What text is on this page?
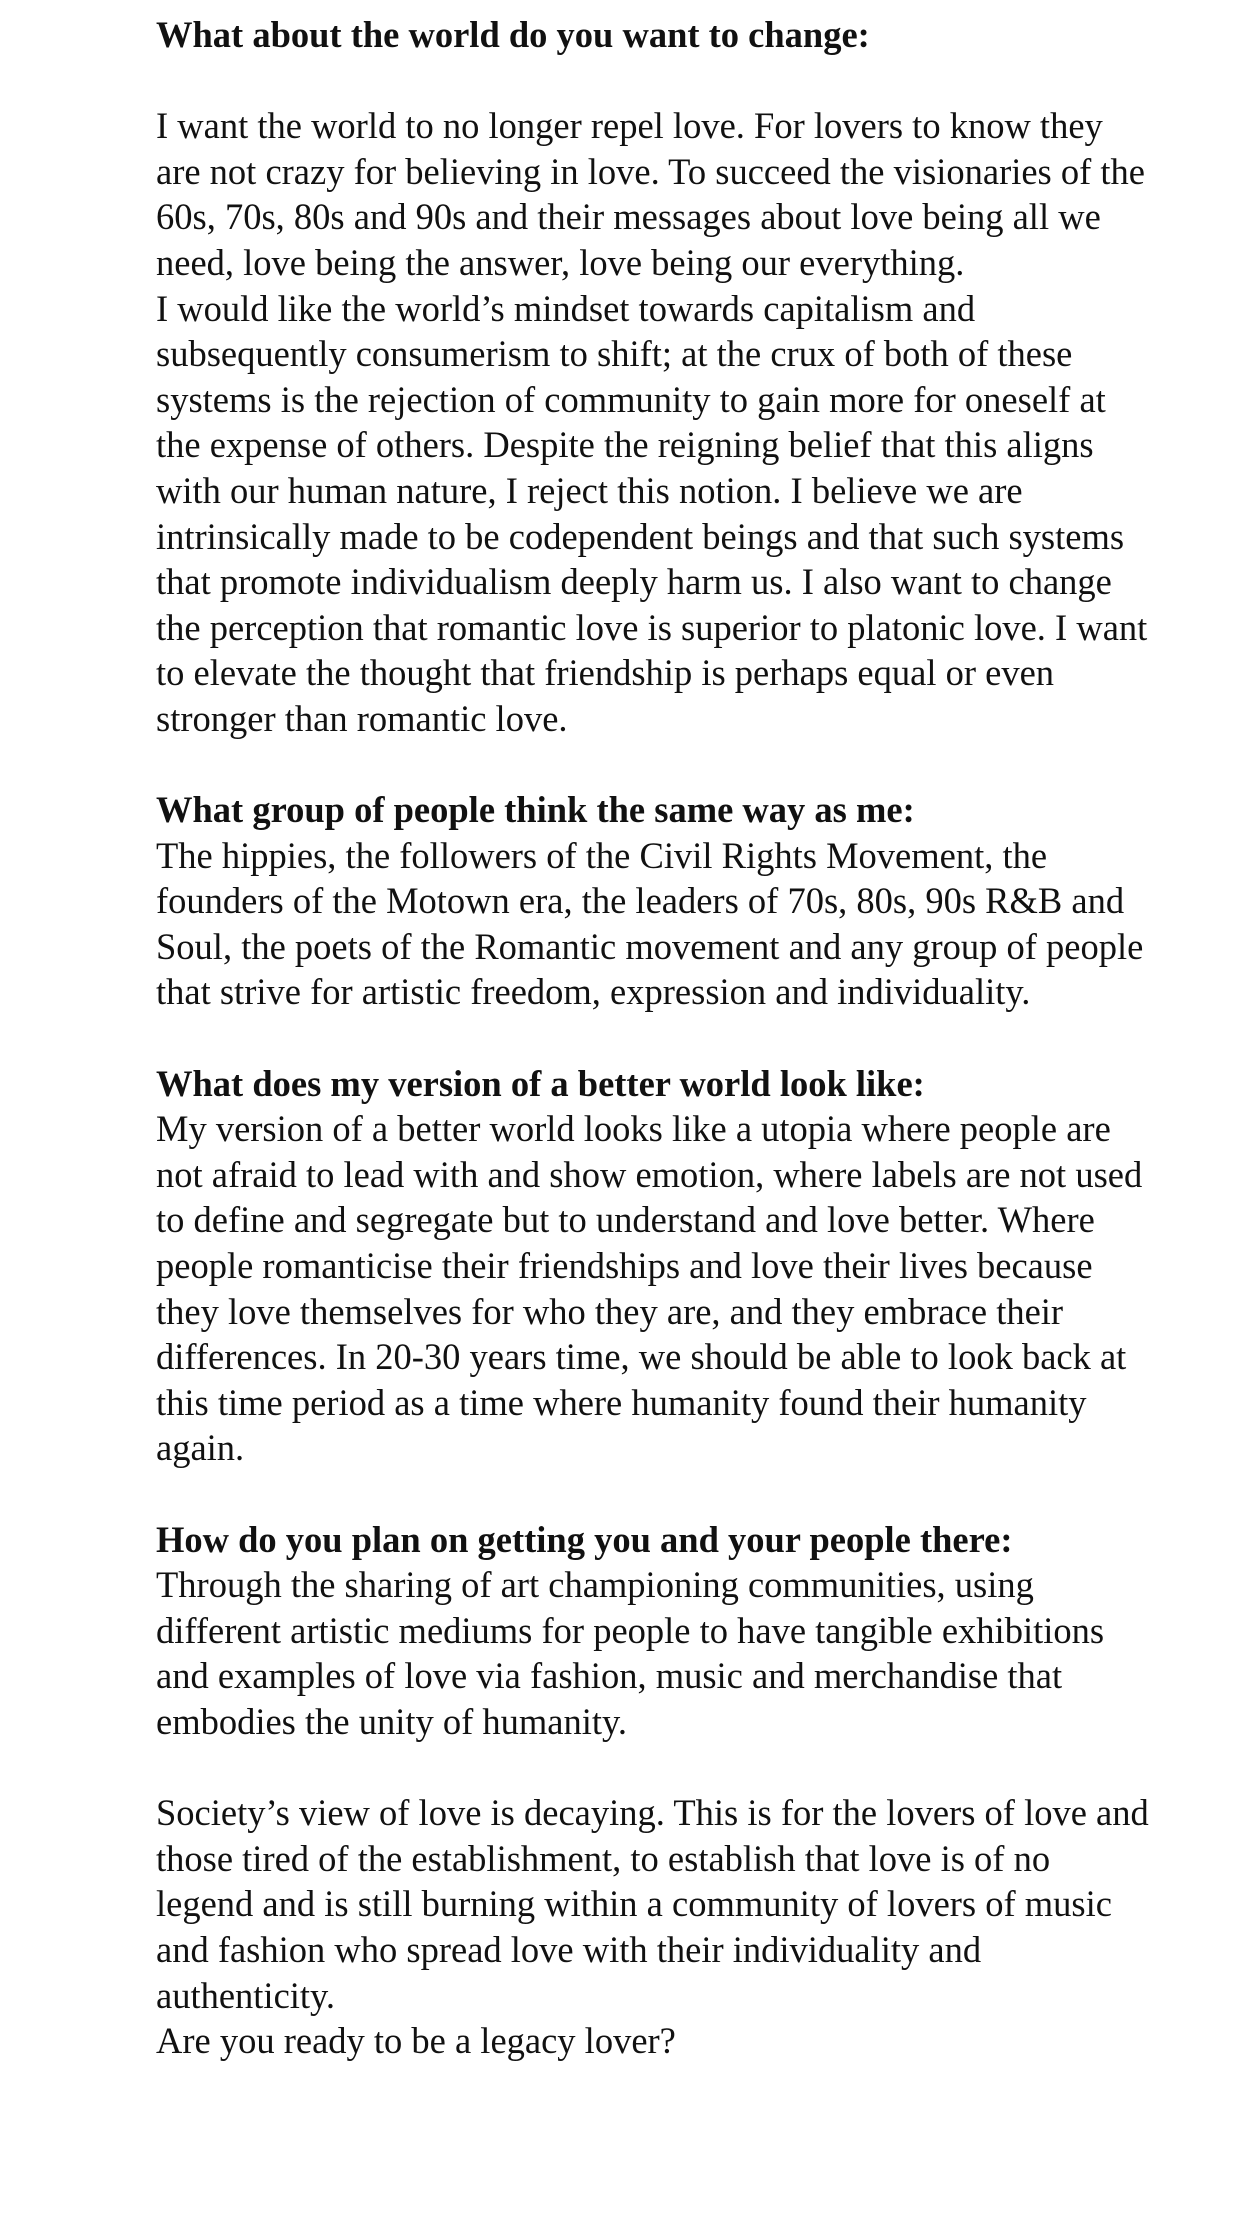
What about the world do you want to change:

I want the world to no longer repel love. For lovers to know they are not crazy for believing in love. To succeed the visionaries of the 60s, 70s, 80s and 90s and their messages about love being all we need, love being the answer, love being our everything.

I would like the world’s mindset towards capitalism and subsequently consumerism to shift; at the crux of both of these systems is the rejection of community to gain more for oneself at the expense of others. Despite the reigning belief that this aligns with our human nature, I reject this notion. I believe we are intrinsically made to be codependent beings and that such systems that promote individualism deeply harm us. I also want to change the perception that romantic love is superior to platonic love. I want to elevate the thought that friendship is perhaps equal or even stronger than romantic love.

What group of people think the same way as me:

The hippies, the followers of the Civil Rights Movement, the founders of the Motown era, the leaders of 70s, 80s, 90s R&B and Soul, the poets of the Romantic movement and any group of people that strive for artistic freedom, expression and individuality.

What does my version of a better world look like:

My version of a better world looks like a utopia where people are not afraid to lead with and show emotion, where labels are not used to define and segregate but to understand and love better. Where people romanticise their friendships and love their lives because they love themselves for who they are, and they embrace their differences. In 20-30 years time, we should be able to look back at this time period as a time where humanity found their humanity again.

How do you plan on getting you and your people there:

Through the sharing of art championing communities, using different artistic mediums for people to have tangible exhibitions and examples of love via fashion, music and merchandise that embodies the unity of humanity.

Society’s view of love is decaying. This is for the lovers of love and those tired of the establishment, to establish that love is of no legend and is still burning within a community of lovers of music and fashion who spread love with their individuality and authenticity.

Are you ready to be a legacy lover?
